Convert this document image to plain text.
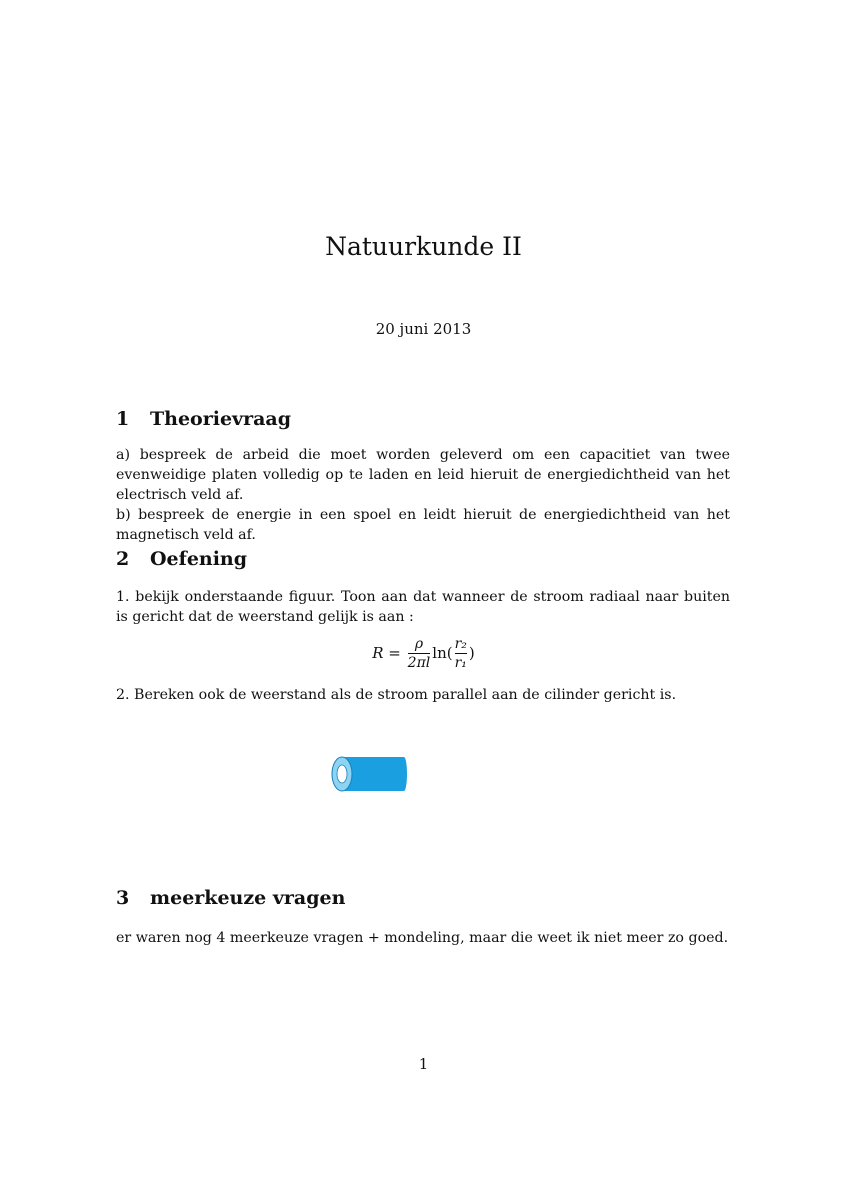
Natuurkunde II
20 juni 2013
1 Theorievraag
a) bespreek de arbeid die moet worden geleverd om een capacitiet van twee evenweidige platen volledig op te laden en leid hieruit de energiedichtheid van het electrisch veld af.
b) bespreek de energie in een spoel en leidt hieruit de energiedichtheid van het magnetisch veld af.
2 Oefening
1. bekijk onderstaande figuur. Toon aan dat wanneer de stroom radiaal naar buiten is gericht dat de weerstand gelijk is aan :
$R = \frac{\rho}{2\pi l} \ln( \frac{\text{r₂}}{\text{r₁}}$ )
2. Bereken ook de weerstand als de stroom parallel aan de cilinder gericht is.
3 meerkeuze vragen
er waren nog 4 meerkeuze vragen + mondeling, maar die weet ik niet meer zo goed.
1
